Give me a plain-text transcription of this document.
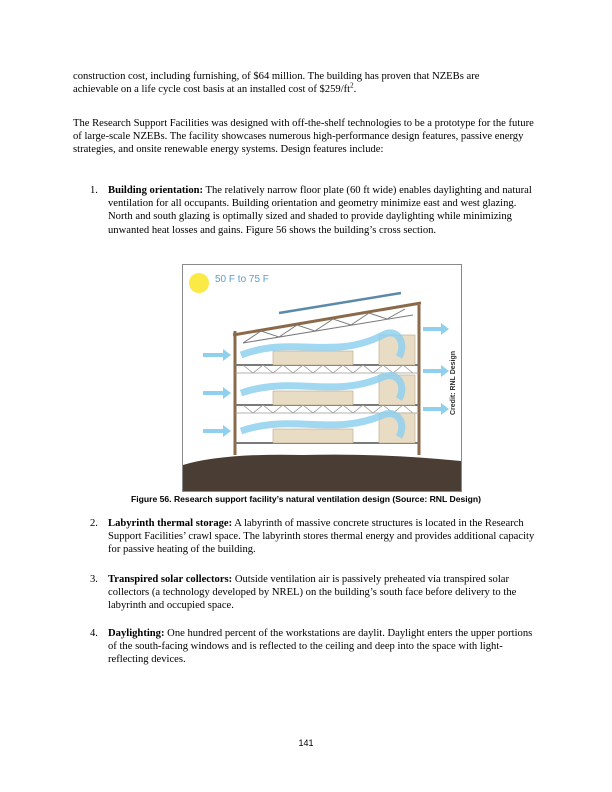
construction cost, including furnishing, of $64 million. The building has proven that NZEBs are
achievable on a life cycle cost basis at an installed cost of $\$259/ft^2$.

The Research Support Facilities was designed with off-the-shelf technologies to be a prototype for the future of large-scale NZEBs. The facility showcases numerous high-performance design features, passive energy strategies, and onsite renewable energy systems. Design features include:

1. Building orientation: The relatively narrow floor plate (60 ft wide) enables daylighting and natural ventilation for all occupants. Building orientation and geometry minimize east and west glazing. North and south glazing is optimally sized and shaded to provide daylighting while minimizing unwanted heat losses and gains. Figure 56 shows the building’s cross section.
50 F to 75 F
Credit: RNL Design
Figure 56. Research support facility’s natural ventilation design (Source: RNL Design)
2. Labyrinth thermal storage: A labyrinth of massive concrete structures is located in the Research Support Facilities’ crawl space. The labyrinth stores thermal energy and provides additional capacity for passive heating of the building.
3. Transpired solar collectors: Outside ventilation air is passively preheated via transpired solar collectors (a technology developed by NREL) on the building’s south face before delivery to the labyrinth and occupied space.
4. Daylighting: One hundred percent of the workstations are daylit. Daylight enters the upper portions of the south-facing windows and is reflected to the ceiling and deep into the space with light-reflecting devices.
141
